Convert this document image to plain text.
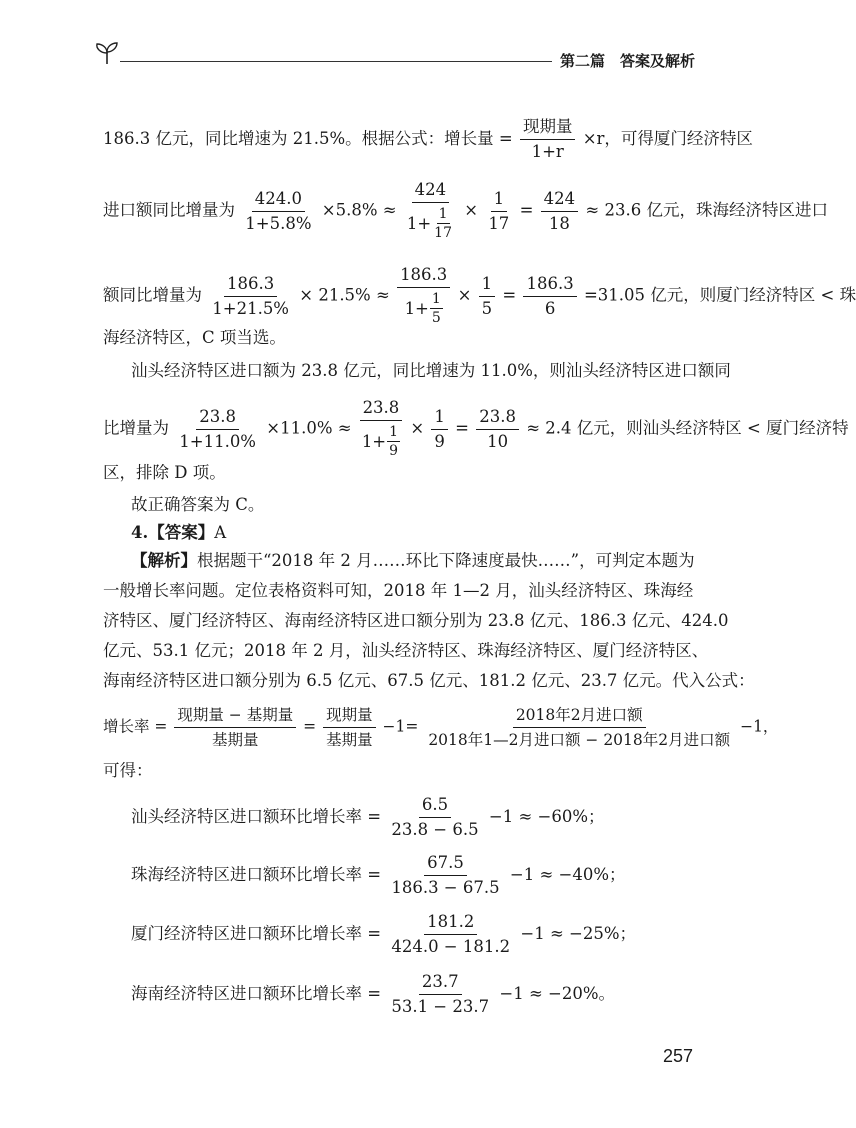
第二篇　答案及解析
186.3 亿元，同比增速为 21.5%。根据公式：增长量 = $\frac{\text{现期量}}{1+r} \times r$，可得厦门经济特区
进口额同比增量为 $\frac{424.0}{1+5.8\%} \times 5.8\% \approx \frac{424}{1+ \frac{1}{17}} \times \frac{1}{17} = \frac{424}{18} \approx 23.6$ 亿元，珠海经济特区进口
额同比增量为 $\frac{186.3}{1+21.5\%} \times 21.5\% \approx \frac{186.3}{1+ \frac{1}{5}} \times \frac{1}{5} = \frac{186.3}{6} =31.05$ 亿元，则厦门经济特区 < 珠
海经济特区，C 项当选。
汕头经济特区进口额为 23.8 亿元，同比增速为 11.0%，则汕头经济特区进口额同
比增量为 $\frac{23.8}{1+11.0\%} \times 11.0\% \approx \frac{23.8}{1+ \frac{1}{9}} \times \frac{1}{9} = \frac{23.8}{10} \approx 2.4$ 亿元，则汕头经济特区 < 厦门经济特
区，排除 D 项。
故正确答案为 C。
4.【答案】A
【解析】根据题干“2018 年 2 月……环比下降速度最快……”，可判定本题为
一般增长率问题。定位表格资料可知，2018 年 1—2 月，汕头经济特区、珠海经
济特区、厦门经济特区、海南经济特区进口额分别为 23.8 亿元、186.3 亿元、424.0
亿元、53.1 亿元；2018 年 2 月，汕头经济特区、珠海经济特区、厦门经济特区、
海南经济特区进口额分别为 6.5 亿元、67.5 亿元、181.2 亿元、23.7 亿元。代入公式：
增长率 = $\frac{\text{现期量 − 基期量}}{\text{基期量}} = \frac{\text{现期量}}{\text{基期量}} -1= \frac{\text{2018年2月进口额}}{\text{2018年1—2月进口额 − 2018年2月进口额}} -1$，
可得：
汕头经济特区进口额环比增长率 = $\frac{6.5}{23.8 - 6.5} -1 \approx -60\%$；
珠海经济特区进口额环比增长率 = $\frac{67.5}{186.3 - 67.5} -1 \approx -40\%$；
厦门经济特区进口额环比增长率 = $\frac{181.2}{424.0 - 181.2} -1 \approx -25\%$；
海南经济特区进口额环比增长率 = $\frac{23.7}{53.1 - 23.7} -1 \approx -20\%$。
257
